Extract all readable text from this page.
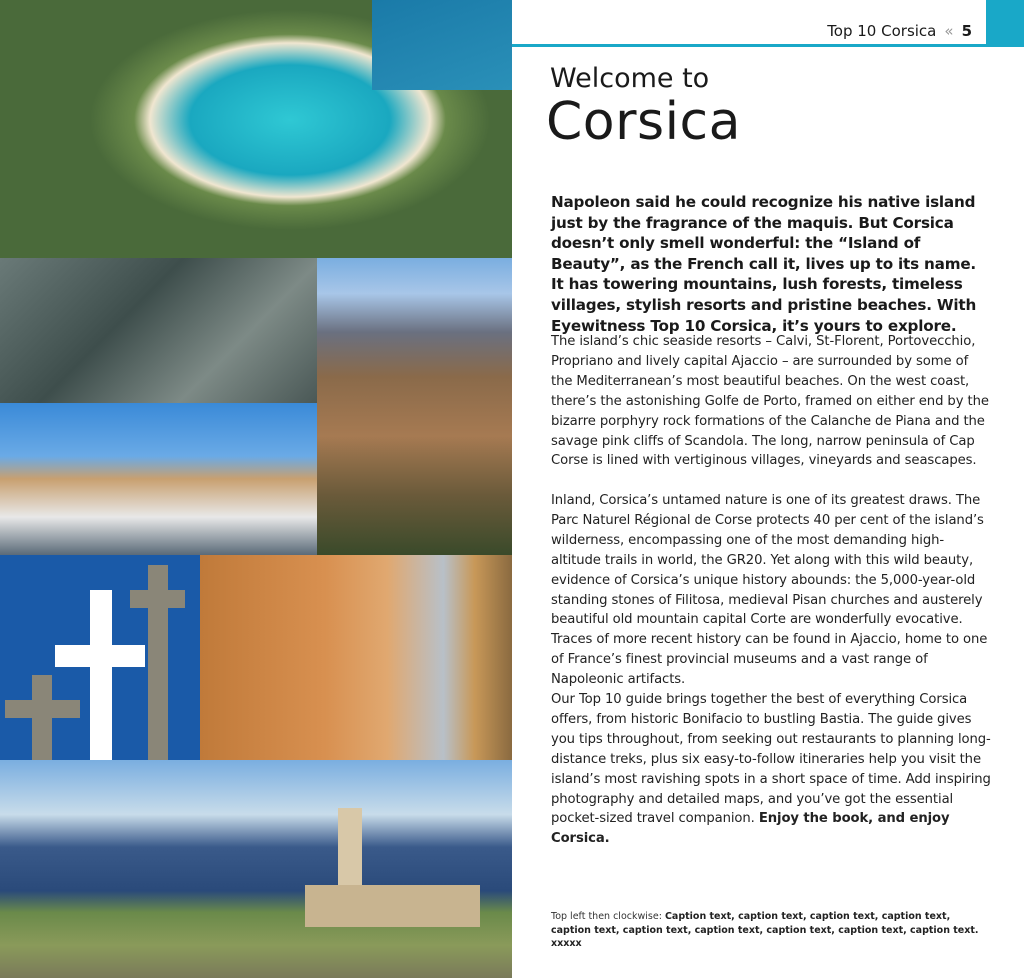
Top 10 Corsica « 5
Welcome to
Corsica
Napoleon said he could recognize his native island just by the fragrance of the maquis. But Corsica doesn’t only smell wonderful: the “Island of Beauty”, as the French call it, lives up to its name. It has towering mountains, lush forests, timeless villages, stylish resorts and pristine beaches. With Eyewitness Top 10 Corsica, it’s yours to explore.
The island’s chic seaside resorts – Calvi, St-Florent, Portovecchio, Propriano and lively capital Ajaccio – are surrounded by some of the Mediterranean’s most beautiful beaches. On the west coast, there’s the astonishing Golfe de Porto, framed on either end by the bizarre porphyry rock formations of the Calanche de Piana and the savage pink cliffs of Scandola. The long, narrow peninsula of Cap Corse is lined with vertiginous villages, vineyards and seascapes.
Inland, Corsica’s untamed nature is one of its greatest draws. The Parc Naturel Régional de Corse protects 40 per cent of the island’s wilderness, encompassing one of the most demanding high-altitude trails in world, the GR20. Yet along with this wild beauty, evidence of Corsica’s unique history abounds: the 5,000-year-old standing stones of Filitosa, medieval Pisan churches and austerely beautiful old mountain capital Corte are wonderfully evocative. Traces of more recent history can be found in Ajaccio, home to one of France’s finest provincial museums and a vast range of Napoleonic artifacts.
Our Top 10 guide brings together the best of everything Corsica offers, from historic Bonifacio to bustling Bastia. The guide gives you tips throughout, from seeking out restaurants to planning long-distance treks, plus six easy-to-follow itineraries help you visit the island’s most ravishing spots in a short space of time. Add inspiring photography and detailed maps, and you’ve got the essential pocket-sized travel companion. Enjoy the book, and enjoy Corsica.
Top left then clockwise: Caption text, caption text, caption text, caption text, caption text, caption text, caption text, caption text, caption text, caption text. xxxxx
